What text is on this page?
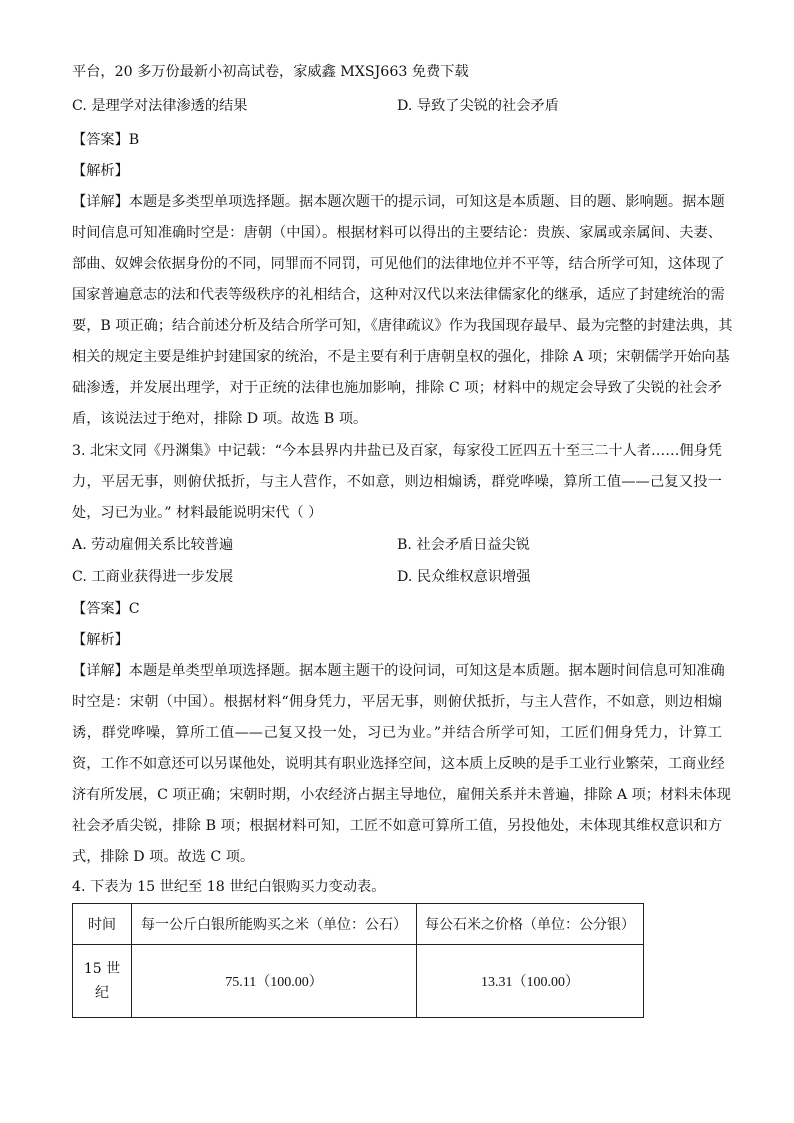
平台，20 多万份最新小初高试卷，家威鑫 MXSJ663 免费下载
C. 是理学对法律渗透的结果	D. 导致了尖锐的社会矛盾
【答案】B
【解析】
【详解】本题是多类型单项选择题。据本题次题干的提示词，可知这是本质题、目的题、影响题。据本题
时间信息可知准确时空是：唐朝（中国）。根据材料可以得出的主要结论：贵族、家属或亲属间、夫妻、
部曲、奴婢会依据身份的不同，同罪而不同罚，可见他们的法律地位并不平等，结合所学可知，这体现了
国家普遍意志的法和代表等级秩序的礼相结合，这种对汉代以来法律儒家化的继承，适应了封建统治的需
要，B 项正确；结合前述分析及结合所学可知，《唐律疏议》作为我国现存最早、最为完整的封建法典，其
相关的规定主要是维护封建国家的统治，不是主要有利于唐朝皇权的强化，排除 A 项；宋朝儒学开始向基
础渗透，并发展出理学，对于正统的法律也施加影响，排除 C 项；材料中的规定会导致了尖锐的社会矛
盾，该说法过于绝对，排除 D 项。故选 B 项。
3. 北宋文同《丹渊集》中记载：“今本县界内井盐已及百家，每家役工匠四五十至三二十人者……佣身凭
力，平居无事，则俯伏抵折，与主人营作，不如意，则边相煽诱，群党哗噪，算所工值——己复又投一
处，习已为业。” 材料最能说明宋代（ ）
A. 劳动雇佣关系比较普遍	B. 社会矛盾日益尖锐
C. 工商业获得进一步发展	D. 民众维权意识增强
【答案】C
【解析】
【详解】本题是单类型单项选择题。据本题主题干的设问词，可知这是本质题。据本题时间信息可知准确
时空是：宋朝（中国）。根据材料“佣身凭力，平居无事，则俯伏抵折，与主人营作，不如意，则边相煽
诱，群党哗噪，算所工值——己复又投一处，习已为业。”并结合所学可知，工匠们佣身凭力，计算工
资，工作不如意还可以另谋他处，说明其有职业选择空间，这本质上反映的是手工业行业繁荣，工商业经
济有所发展，C 项正确；宋朝时期，小农经济占据主导地位，雇佣关系并未普遍，排除 A 项；材料未体现
社会矛盾尖锐，排除 B 项；根据材料可知，工匠不如意可算所工值，另投他处，未体现其维权意识和方
式，排除 D 项。故选 C 项。
4. 下表为 15 世纪至 18 世纪白银购买力变动表。
时间	每一公斤白银所能购买之米（单位：公石）	每公石米之价格（单位：公分银）
15 世纪	75.11（100.00）	13.31（100.00）
